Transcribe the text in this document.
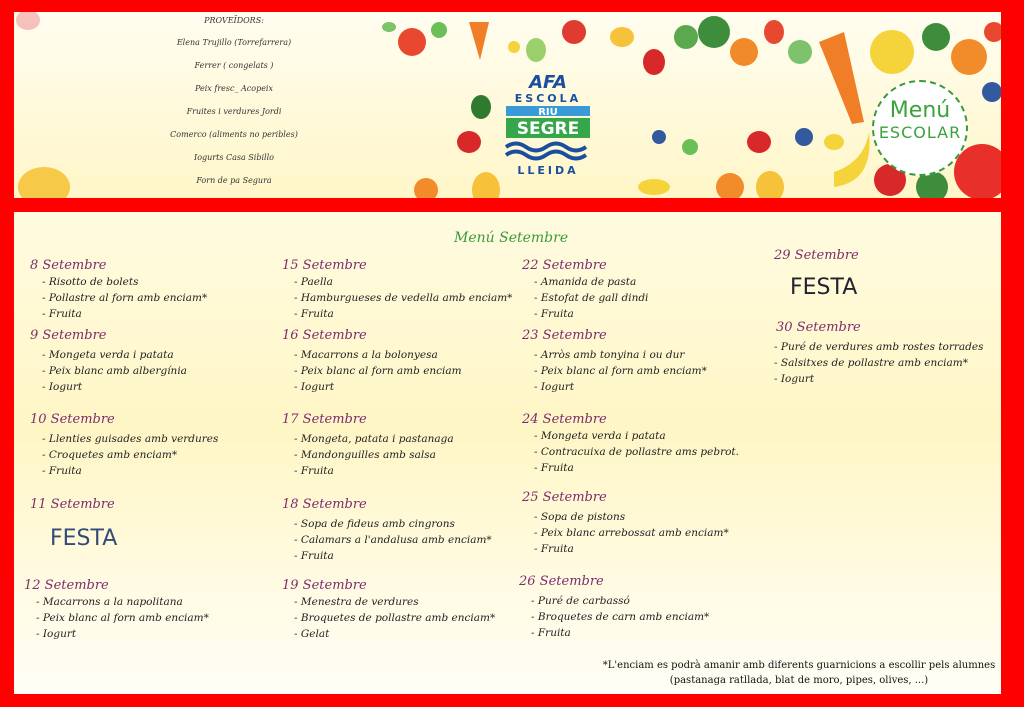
PROVEÏDORS:
Elena Trujillo (Torrefarrera)
Ferrer ( congelats )
Peix fresc_ Acopeix
Fruites i verdures Jordi
Comerco (aliments no peribles)
Iogurts Casa Sibillo
Forn de pa Segura
AFA
ESCOLA
RIU
SEGRE
LLEIDA
Menú
ESCOLAR
Menú Setembre
8 Setembre
- Risotto de bolets
- Pollastre al forn amb enciam*
- Fruita
9 Setembre
- Mongeta verda i patata
- Peix blanc amb albergínia
- Iogurt
10 Setembre
- Llenties guisades amb verdures
- Croquetes amb enciam*
- Fruita
11 Setembre
FESTA
12 Setembre
- Macarrons a la napolitana
- Peix blanc al forn amb enciam*
- Iogurt
15 Setembre
- Paella
- Hamburgueses de vedella amb enciam*
- Fruita
16 Setembre
- Macarrons a la bolonyesa
- Peix blanc al forn amb enciam
- Iogurt
17 Setembre
- Mongeta, patata i pastanaga
- Mandonguilles amb salsa
- Fruita
18 Setembre
- Sopa de fideus amb cingrons
- Calamars a l'andalusa amb enciam*
- Fruita
19 Setembre
- Menestra de verdures
- Broquetes de pollastre amb enciam*
- Gelat
22 Setembre
- Amanida de pasta
- Estofat de gall dindi
- Fruita
23 Setembre
- Arròs amb tonyina i ou dur
- Peix blanc al forn amb enciam*
- Iogurt
24 Setembre
- Mongeta verda i patata
- Contracuixa de pollastre ams pebrot.
- Fruita
25 Setembre
- Sopa de pistons
- Peix blanc arrebossat amb enciam*
- Fruita
26 Setembre
- Puré de carbassó
- Broquetes de carn amb enciam*
- Fruita
29 Setembre
FESTA
30 Setembre
- Puré de verdures amb rostes torrades
- Salsitxes de pollastre amb enciam*
- Iogurt
*L'enciam es podrà amanir amb diferents guarnicions a escollir pels alumnes
(pastanaga ratllada, blat de moro, pipes, olives, ...)
